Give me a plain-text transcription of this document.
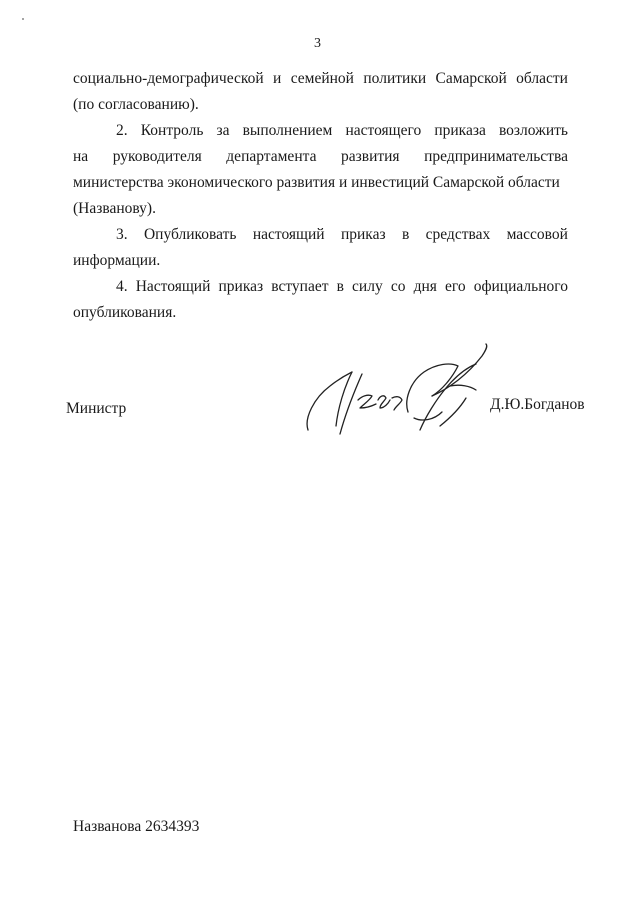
3
социально-демографической и семейной политики Самарской области
(по согласованию).
2. Контроль за выполнением настоящего приказа возложить
на руководителя департамента развития предпринимательства
министерства экономического развития и инвестиций Самарской области
(Названову).
3. Опубликовать настоящий приказ в средствах массовой
информации.
4. Настоящий приказ вступает в силу со дня его официального
опубликования.
Министр	Д.Ю.Богданов
Названова 2634393
